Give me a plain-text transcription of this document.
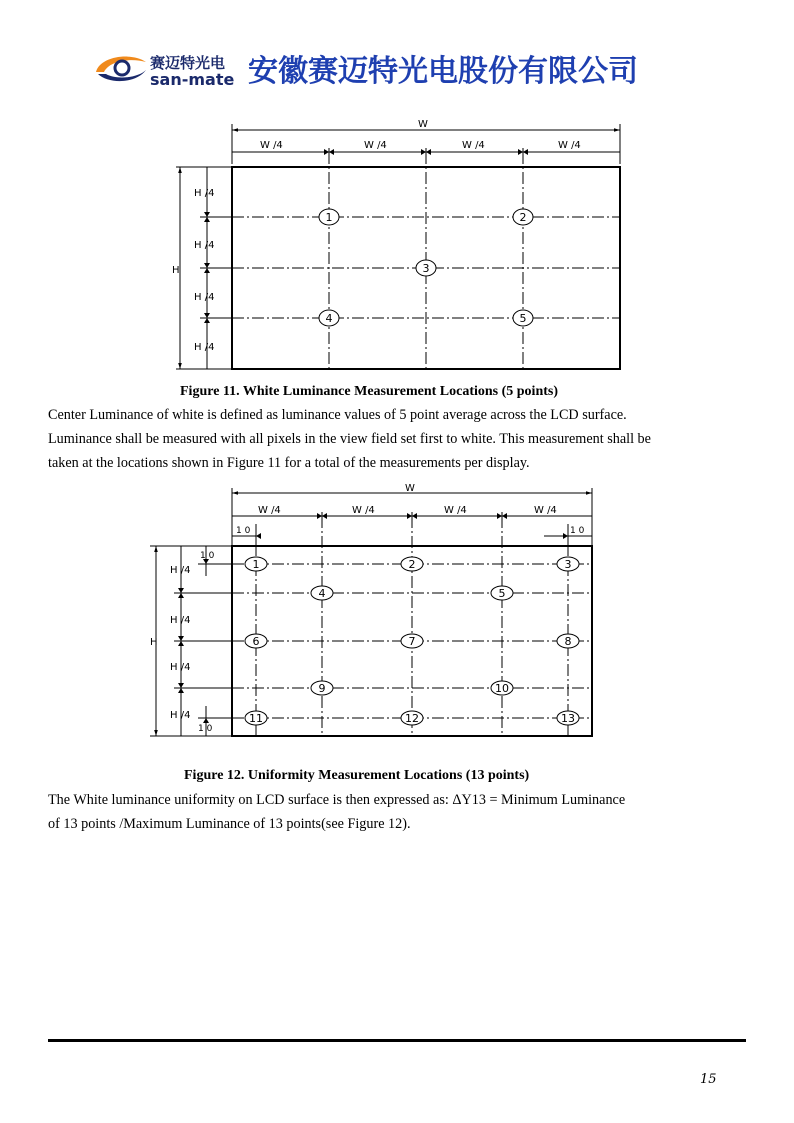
赛迈特光电
san-mate 安徽赛迈特光电股份有限公司
W
W /4	W /4	W /4	W /4
H
H /4
H /4
H /4
H /4
1	2
3
4	5
Figure 11. White Luminance Measurement Locations (5 points)

Center Luminance of white is defined as luminance values of 5 point average across the LCD surface.

Luminance shall be measured with all pixels in the view field set first to white. This measurement shall be

taken at the locations shown in Figure 11 for a total of the measurements per display.

W
W /4	W /4	W /4	W /4
1 0	1 0
1 0
1 0
H
H /4
H /4
H /4
H /4
1	2	3
4	5
6	7	8
9	10
11	12	13
Figure 12. Uniformity Measurement Locations (13 points)

The White luminance uniformity on LCD surface is then expressed as: ΔY13 = Minimum Luminance

of 13 points /Maximum Luminance of 13 points(see Figure 12).

15
